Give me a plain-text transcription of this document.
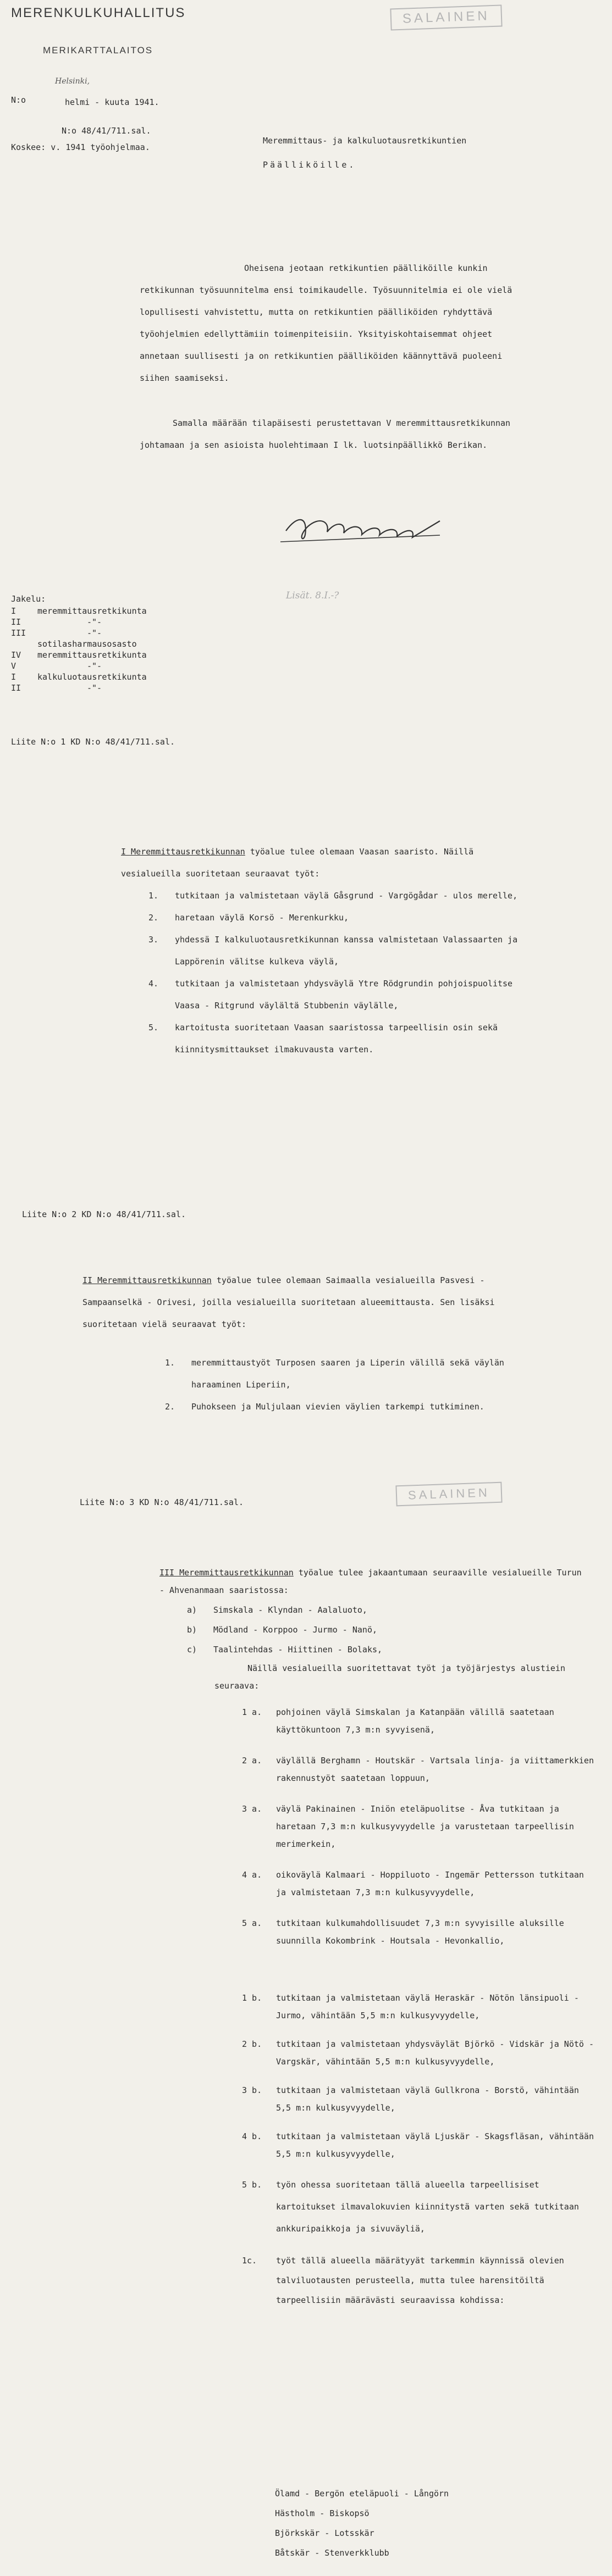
MERENKULKUHALLITUS
MERIKARTTALAITOS
SALAINEN
Helsinki,
N:o	helmi - kuuta 1941.
N:o 48/41/711.sal.
Koskee: v. 1941 työohjelmaa.
Meremmittaus- ja kalkuluotausretkikuntien
Päälliköille.
Oheisena jeotaan retkikuntien päälliköille kunkin retkikunnan työsuunnitelma ensi toimikaudelle. Työsuunnitelmia ei ole vielä lopullisesti vahvistettu, mutta on retkikuntien päälliköiden ryhdyttävä työohjelmien edellyttämiin toimenpiteisiin. Yksityiskohtaisemmat ohjeet annetaan suullisesti ja on retkikuntien päälliköiden käännyttävä puoleeni siihen saamiseksi.
Samalla määrään tilapäisesti perustettavan V meremmittausretkikunnan johtamaan ja sen asioista huolehtimaan I lk. luotsinpäällikkö Berikan.
Jakelu:
I	meremmittausretkikunta
II	-"-
III	-"-
sotilasharmausosasto
IV meremmittausretkikunta
V	-"-
I	kalkuluotausretkikunta
II	-"-
Lisät. 8.I.-?
Liite N:o 1 KD N:o 48/41/711.sal.
I Meremmittausretkikunnan työalue tulee olemaan Vaasan saaristo. Näillä vesialueilla suoritetaan seuraavat työt:
1.	tutkitaan ja valmistetaan väylä Gåsgrund - Vargögådar - ulos merelle,
2.	haretaan väylä Korsö - Merenkurkku,
3.	yhdessä I kalkuluotausretkikunnan kanssa valmistetaan Valassaarten ja Lappörenin välitse kulkeva väylä,
4.	tutkitaan ja valmistetaan yhdysväylä Ytre Rödgrundin pohjoispuolitse Vaasa - Ritgrund väylältä Stubbenin väylälle,
5.	kartoitusta suoritetaan Vaasan saaristossa tarpeellisin osin sekä kiinnitysmittaukset ilmakuvausta varten.
Liite N:o 2 KD N:o 48/41/711.sal.
II Meremmittausretkikunnan työalue tulee olemaan Saimaalla vesialueilla Pasvesi - Sampaanselkä - Orivesi, joilla vesialueilla suoritetaan alueemittausta. Sen lisäksi suoritetaan vielä seuraavat työt:
1.	meremmittaustyöt Turposen saaren ja Liperin välillä sekä väylän haraaminen Liperiin,
2.	Puhokseen ja Muljulaan vievien väylien tarkempi tutkiminen.
Liite N:o 3 KD N:o 48/41/711.sal.
SALAINEN
III Meremmittausretkikunnan työalue tulee jakaantumaan seuraaville vesialueille Turun - Ahvenanmaan saaristossa:
a) Simskala - Klyndan - Aalaluoto,
b) Mödland - Korppoo - Jurmo - Nanö,
c) Taalintehdas - Hiittinen - Bolaks,
Näillä vesialueilla suoritettavat työt ja työjärjestys alustiein seuraava:
1 a.	pohjoinen väylä Simskalan ja Katanpään välillä saatetaan käyttökuntoon 7,3 m:n syvyisenä,
2 a.	väylällä Berghamn - Houtskär - Vartsala linja- ja viittamerkkien rakennustyöt saatetaan loppuun,
3 a.	väylä Pakinainen - Iniön eteläpuolitse - Åva tutkitaan ja haretaan 7,3 m:n kulkusyvyydelle ja varustetaan tarpeellisin merimerkein,
4 a.	oikoväylä Kalmaari - Hoppiluoto - Ingemär Pettersson tutkitaan ja valmistetaan 7,3 m:n kulkusyvyydelle,
5 a.	tutkitaan kulkumahdollisuudet 7,3 m:n syvyisille aluksille suunnilla Kokombrink - Houtsala - Hevonkallio,
1 b.	tutkitaan ja valmistetaan väylä Heraskär - Nötön länsipuoli - Jurmo, vähintään 5,5 m:n kulkusyvyydelle,
2 b.	tutkitaan ja valmistetaan yhdysväylät Björkö - Vidskär ja Nötö - Vargskär, vähintään 5,5 m:n kulkusyvyydelle,
3 b.	tutkitaan ja valmistetaan väylä Gullkrona - Borstö, vähintään 5,5 m:n kulkusyvyydelle,
4 b.	tutkitaan ja valmistetaan väylä Ljuskär - Skagsfläsan, vähintään 5,5 m:n kulkusyvyydelle,
5 b.	työn ohessa suoritetaan tällä alueella tarpeellisiset kartoitukset ilmavalokuvien kiinnitystä varten sekä tutkitaan ankkuripaikkoja ja sivuväyliä,
1c.	työt tällä alueella määrätyyät tarkemmin käynnissä olevien talviluotausten perusteella, mutta tulee harensitöiltä tarpeellisiin määrävästi seuraavissa kohdissa:
Ölamd - Bergön eteläpuoli - Långörn
Hästholm - Biskopsö
Björkskär - Lotsskär
Båtskär - Stenverkklubb
